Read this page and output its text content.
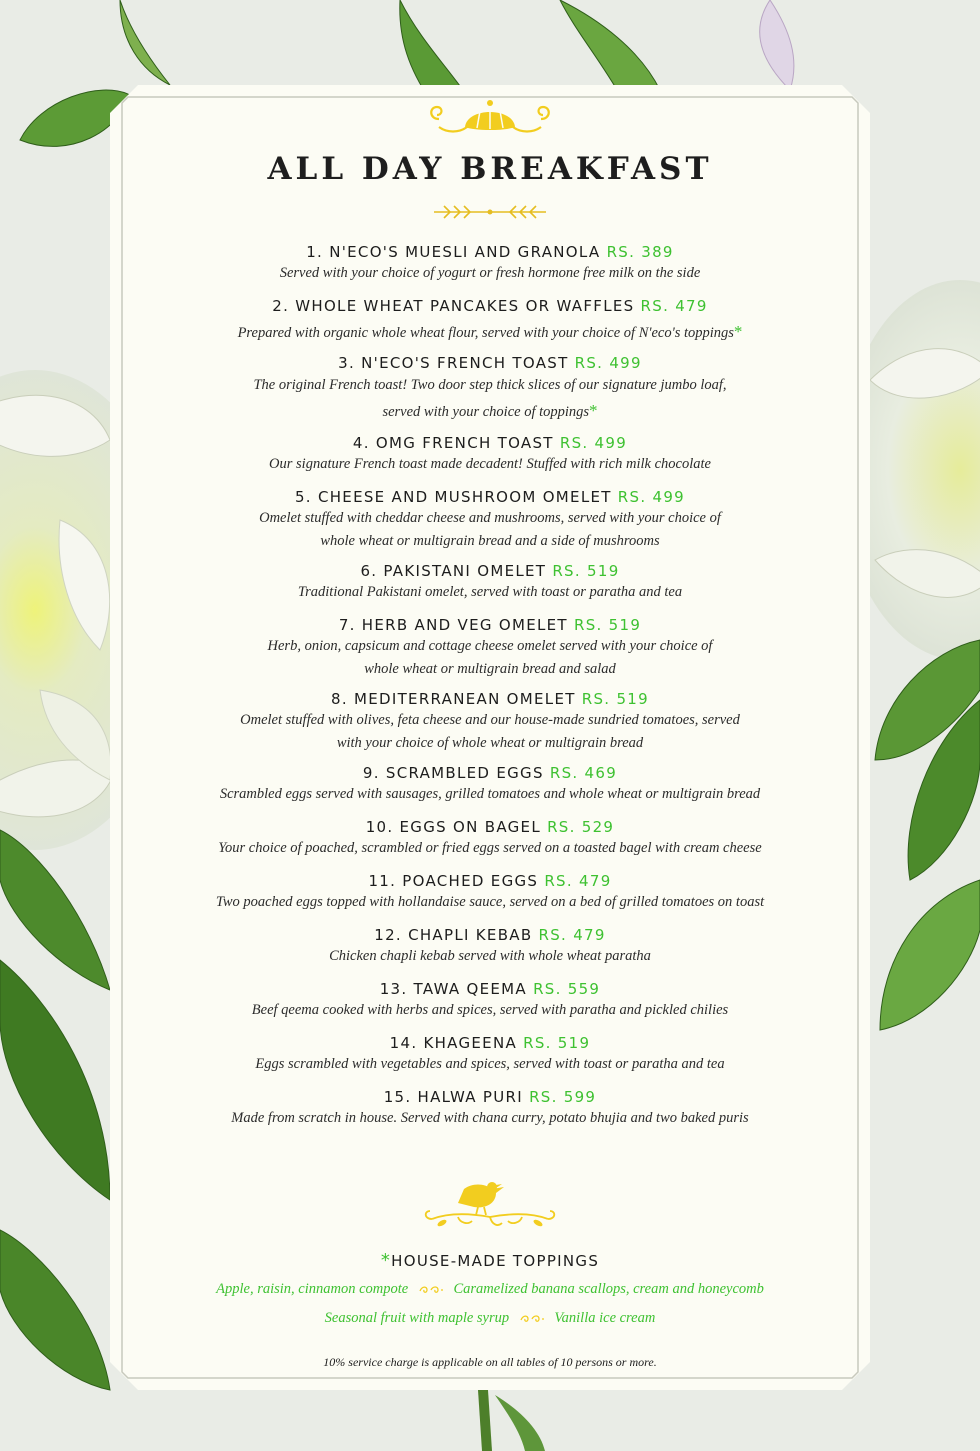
ALL DAY BREAKFAST
1. N'ECO'S MUESLI AND GRANOLA RS. 389
Served with your choice of yogurt or fresh hormone free milk on the side
2. WHOLE WHEAT PANCAKES OR WAFFLES RS. 479
Prepared with organic whole wheat flour, served with your choice of N'eco's toppings*
3. N'ECO'S FRENCH TOAST RS. 499
The original French toast! Two door step thick slices of our signature jumbo loaf,
served with your choice of toppings*
4. OMG FRENCH TOAST RS. 499
Our signature French toast made decadent! Stuffed with rich milk chocolate
5. CHEESE AND MUSHROOM OMELET RS. 499
Omelet stuffed with cheddar cheese and mushrooms, served with your choice of
whole wheat or multigrain bread and a side of mushrooms
6. PAKISTANI OMELET RS. 519
Traditional Pakistani omelet, served with toast or paratha and tea
7. HERB AND VEG OMELET RS. 519
Herb, onion, capsicum and cottage cheese omelet served with your choice of
whole wheat or multigrain bread and salad
8. MEDITERRANEAN OMELET RS. 519
Omelet stuffed with olives, feta cheese and our house-made sundried tomatoes, served
with your choice of whole wheat or multigrain bread
9. SCRAMBLED EGGS RS. 469
Scrambled eggs served with sausages, grilled tomatoes and whole wheat or multigrain bread
10. EGGS ON BAGEL RS. 529
Your choice of poached, scrambled or fried eggs served on a toasted bagel with cream cheese
11. POACHED EGGS RS. 479
Two poached eggs topped with hollandaise sauce, served on a bed of grilled tomatoes on toast
12. CHAPLI KEBAB RS. 479
Chicken chapli kebab served with whole wheat paratha
13. TAWA QEEMA RS. 559
Beef qeema cooked with herbs and spices, served with paratha and pickled chilies
14. KHAGEENA RS. 519
Eggs scrambled with vegetables and spices, served with toast or paratha and tea
15. HALWA PURI RS. 599
Made from scratch in house. Served with chana curry, potato bhujia and two baked puris
*HOUSE-MADE TOPPINGS
Apple, raisin, cinnamon compote	Caramelized banana scallops, cream and honeycomb
Seasonal fruit with maple syrup	Vanilla ice cream
10% service charge is applicable on all tables of 10 persons or more.
